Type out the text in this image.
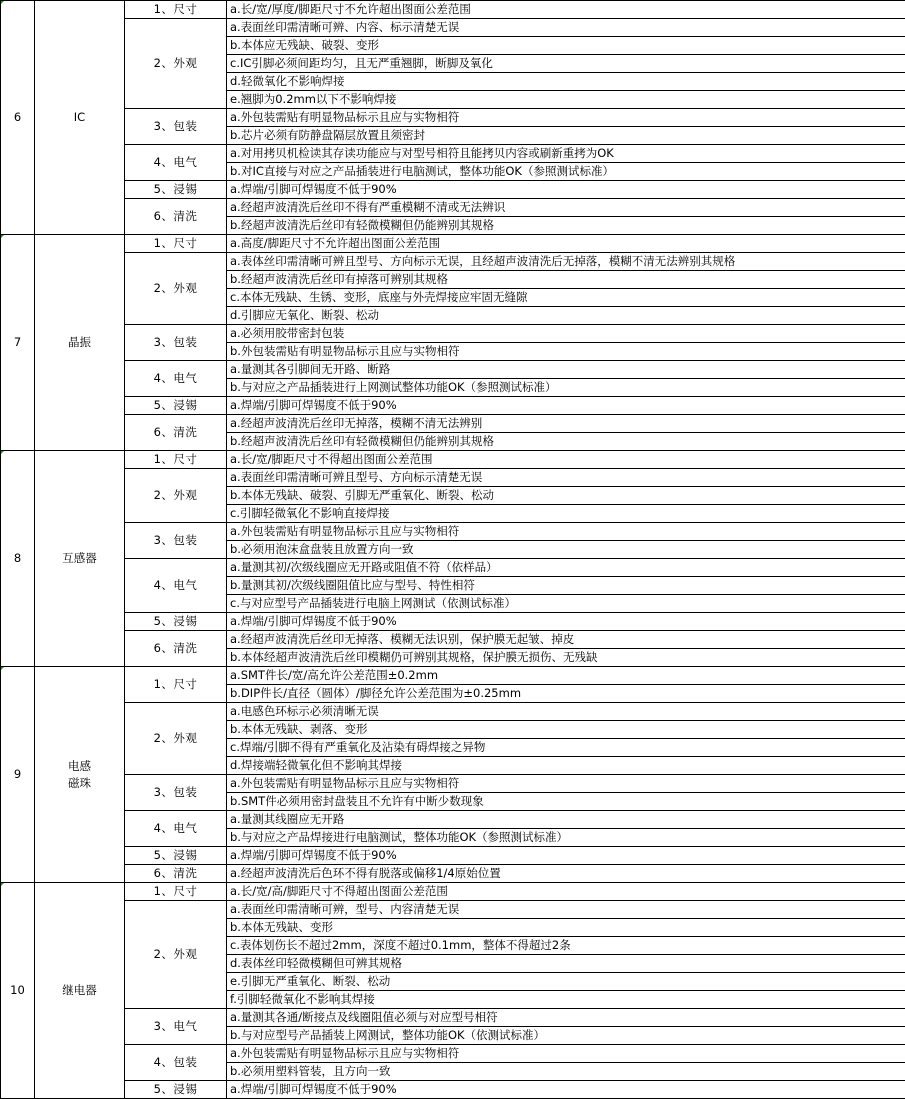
6	IC	1、尺寸	a.长/宽/厚度/脚距尺寸不允许超出图面公差范围
		2、外观	a.表面丝印需清晰可辨、内容、标示清楚无误
			b.本体应无残缺、破裂、变形
			c.IC引脚必须间距均匀，且无严重翘脚，断脚及氧化
			d.轻微氧化不影响焊接
			e.翘脚为0.2mm以下不影响焊接
		3、包装	a.外包装需贴有明显物品标示且应与实物相符
			b.芯片必须有防静盘隔层放置且须密封
		4、电气	a.对用拷贝机检读其存读功能应与对型号相符且能拷贝内容或刷新重拷为OK
			b.对IC直接与对应之产品插装进行电脑测试，整体功能OK（参照测试标准）
		5、浸锡	a.焊端/引脚可焊锡度不低于90%
		6、清洗	a.经超声波清洗后丝印不得有严重模糊不清或无法辨识
			b.经超声波清洗后丝印有轻微模糊但仍能辨别其规格

7	晶振	1、尺寸	a.高度/脚距尺寸不允许超出图面公差范围
		2、外观	a.表体丝印需清晰可辨且型号、方向标示无误，且经超声波清洗后无掉落，模糊不清无法辨别其规格
			b.经超声波清洗后丝印有掉落可辨别其规格
			c.本体无残缺、生锈、变形，底座与外壳焊接应牢固无缝隙
			d.引脚应无氧化、断裂、松动
		3、包装	a.必须用胶带密封包装
			b.外包装需贴有明显物品标示且应与实物相符
		4、电气	a.量测其各引脚间无开路、断路
			b.与对应之产品插装进行上网测试整体功能OK（参照测试标准）
		5、浸锡	a.焊端/引脚可焊锡度不低于90%
		6、清洗	a.经超声波清洗后丝印无掉落，模糊不清无法辨别
			b.经超声波清洗后丝印有轻微模糊但仍能辨别其规格

8	互感器	1、尺寸	a.长/宽/脚距尺寸不得超出图面公差范围
		2、外观	a.表面丝印需清晰可辨且型号、方向标示清楚无误
			b.本体无残缺、破裂、引脚无严重氧化、断裂、松动
			c.引脚轻微氧化不影响直接焊接
		3、包装	a.外包装需贴有明显物品标示且应与实物相符
			b.必须用泡沫盒盘装且放置方向一致
		4、电气	a.量测其初/次级线圈应无开路或阻值不符（依样品）
			b.量测其初/次级线圈阻值比应与型号、特性相符
			c.与对应型号产品插装进行电脑上网测试（依测试标准）
		5、浸锡	a.焊端/引脚可焊锡度不低于90%
		6、清洗	a.经超声波清洗后丝印无掉落、模糊无法识别，保护膜无起皱、掉皮
			b.本体经超声波清洗后丝印模糊仍可辨别其规格，保护膜无损伤、无残缺

9	电感
磁珠	1、尺寸	a.SMT件长/宽/高允许公差范围±0.2mm
			b.DIP件长/直径（圆体）/脚径允许公差范围为±0.25mm
		2、外观	a.电感色环标示必须清晰无误
			b.本体无残缺、剥落、变形
			c.焊端/引脚不得有严重氧化及沾染有碍焊接之异物
			d.焊接端轻微氧化但不影响其焊接
		3、包装	a.外包装需贴有明显物品标示且应与实物相符
			b.SMT件必须用密封盘装且不允许有中断少数现象
		4、电气	a.量测其线圈应无开路
			b.与对应之产品焊接进行电脑测试，整体功能OK（参照测试标准）
		5、浸锡	a.焊端/引脚可焊锡度不低于90%
		6、清洗	a.经超声波清洗后色环不得有脱落或偏移1/4原始位置

10	继电器	1、尺寸	a.长/宽/高/脚距尺寸不得超出图面公差范围
		2、外观	a.表面丝印需清晰可辨，型号、内容清楚无误
			b.本体无残缺、变形
			c.表体划伤长不超过2mm，深度不超过0.1mm，整体不得超过2条
			d.表体丝印轻微模糊但可辨其规格
			e.引脚无严重氧化、断裂、松动
			f.引脚轻微氧化不影响其焊接
		3、电气	a.量测其各通/断接点及线圈阻值必须与对应型号相符
			b.与对应型号产品插装上网测试，整体功能OK（依测试标准）
		4、包装	a.外包装需贴有明显物品标示且应与实物相符
			b.必须用塑料管装，且方向一致
		5、浸锡	a.焊端/引脚可焊锡度不低于90%
